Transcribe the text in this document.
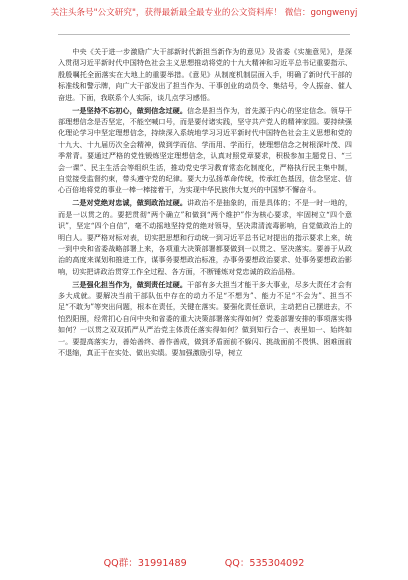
关注头条号"公文研究"，获得最新最全最专业的公文资料库！ 微信：gongwenyj

中央《关于进一步激励广大干部新时代新担当新作为的意见》及省委《实施意见》，是深入贯彻习近平新时代中国特色社会主义思想推动将党的十九大精神和习近平总书记重要指示、殷殷嘱托全面落实在大地上的重要举措。《意见》从制度机制层面入手，明确了新时代干部的标准线和警示牌，向广大干部发出了担当作为、干事创业的动员令、集结号，令人振奋、催人奋进。下面，我联系个人实际，谈几点学习感悟。

一是坚持不忘初心，做到信念过硬。信念是担当作为，首先源于内心的坚定信念。领导干部理想信念是否坚定，不能空喊口号，而是要付诸实践，坚守共产党人的精神家园。要持续强化理论学习中坚定理想信念，持续深入系统地学习习近平新时代中国特色社会主义思想和党的十九大、十九届历次全会精神，做到学而信、学而用、学而行，使理想信念之树根深叶茂、四季常青。要通过严格的党性锻炼坚定理想信念，认真对照党章要求，积极参加主题党日、“三会一课”、民主生活会等组织生活，推动党史学习教育常态化制度化，严格执行民主集中制，自觉接受监督约束，带头遵守党的纪律。要大力弘扬革命传统，传承红色基因，信念坚定、信心百倍地将党的事业一棒一棒接着干，为实现中华民族伟大复兴的中国梦不懈奋斗。

二是对党绝对忠诚，做到政治过硬。讲政治不是抽象的，而是具体的；不是一时一地的，而是一以贯之的。要把贯彻“两个确立”和做到“两个维护”作为核心要求，牢固树立“四个意识”，坚定“四个自信”，毫不动摇地坚持党的绝对领导，坚决肃清流毒影响，自觉做政治上的明白人。要严格对标对表，切实把思想和行动统一到习近平总书记对提出的指示要求上来，统一到中央和省委战略部署上来，各项重大决策部署都要做到一以贯之、坚决落实。要善于从政治的高度来谋划和推进工作，谋事务要想政治标准，办事务要想政治要求、处事务要想政治影响，切实把讲政治贯穿工作全过程、各方面，不断锤炼对党忠诚的政治品格。

三是强化担当作为，做到责任过硬。干部有多大担当才能干多大事业，尽多大责任才会有多大成就。要解决当前干部队伍中存在的动力不足“不想为”、能力不足“不会为”、担当不足“不敢为”等突出问题，根本在责任，关键在落实。要强化责任意识，主动把自己摆进去，不怕烈阳照，经常扪心自问中央和省委的重大决策部署落实得如何？党委部署安排的事项落实得如何？一以贯之双双抓严从严治党主体责任落实得如何？做到知行合一、表里如一、始终如一。要提高落实力，善始善终、善作善成，做到矛盾面前不躲闪、挑战面前不畏惧、困难面前不退缩，真正干在实处、做出实绩。要加强激励引导，树立

QQ群：31991489	QQ：535304092
